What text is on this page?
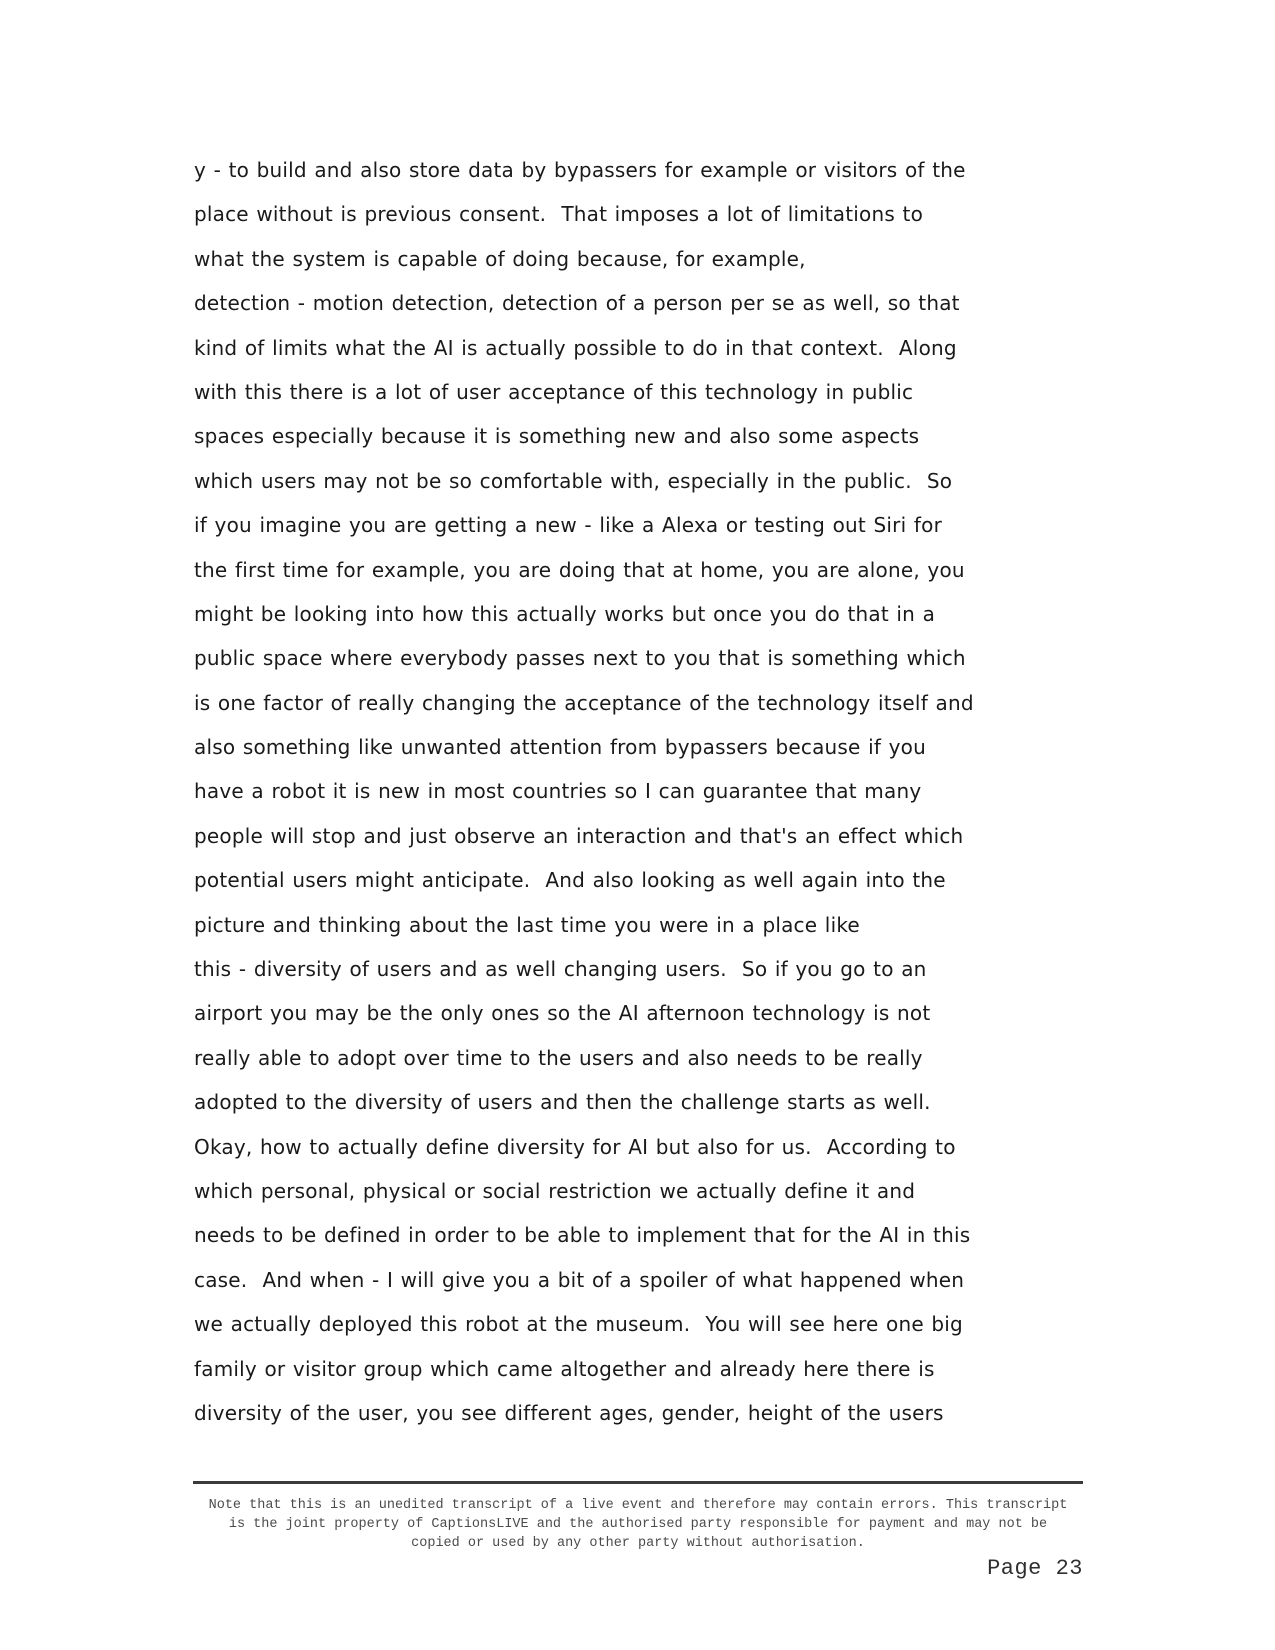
y - to build and also store data by bypassers for example or visitors of the
place without is previous consent.  That imposes a lot of limitations to
what the system is capable of doing because, for example,
detection - motion detection, detection of a person per se as well, so that
kind of limits what the AI is actually possible to do in that context.  Along
with this there is a lot of user acceptance of this technology in public
spaces especially because it is something new and also some aspects
which users may not be so comfortable with, especially in the public.  So
if you imagine you are getting a new - like a Alexa or testing out Siri for
the first time for example, you are doing that at home, you are alone, you
might be looking into how this actually works but once you do that in a
public space where everybody passes next to you that is something which
is one factor of really changing the acceptance of the technology itself and
also something like unwanted attention from bypassers because if you
have a robot it is new in most countries so I can guarantee that many
people will stop and just observe an interaction and that's an effect which
potential users might anticipate.  And also looking as well again into the
picture and thinking about the last time you were in a place like
this - diversity of users and as well changing users.  So if you go to an
airport you may be the only ones so the AI afternoon technology is not
really able to adopt over time to the users and also needs to be really
adopted to the diversity of users and then the challenge starts as well.
Okay, how to actually define diversity for AI but also for us.  According to
which personal, physical or social restriction we actually define it and
needs to be defined in order to be able to implement that for the AI in this
case.  And when - I will give you a bit of a spoiler of what happened when
we actually deployed this robot at the museum.  You will see here one big
family or visitor group which came altogether and already here there is
diversity of the user, you see different ages, gender, height of the users
Note that this is an unedited transcript of a live event and therefore may contain errors. This transcript
is the joint property of CaptionsLIVE and the authorised party responsible for payment and may not be
copied or used by any other party without authorisation.
Page 23
